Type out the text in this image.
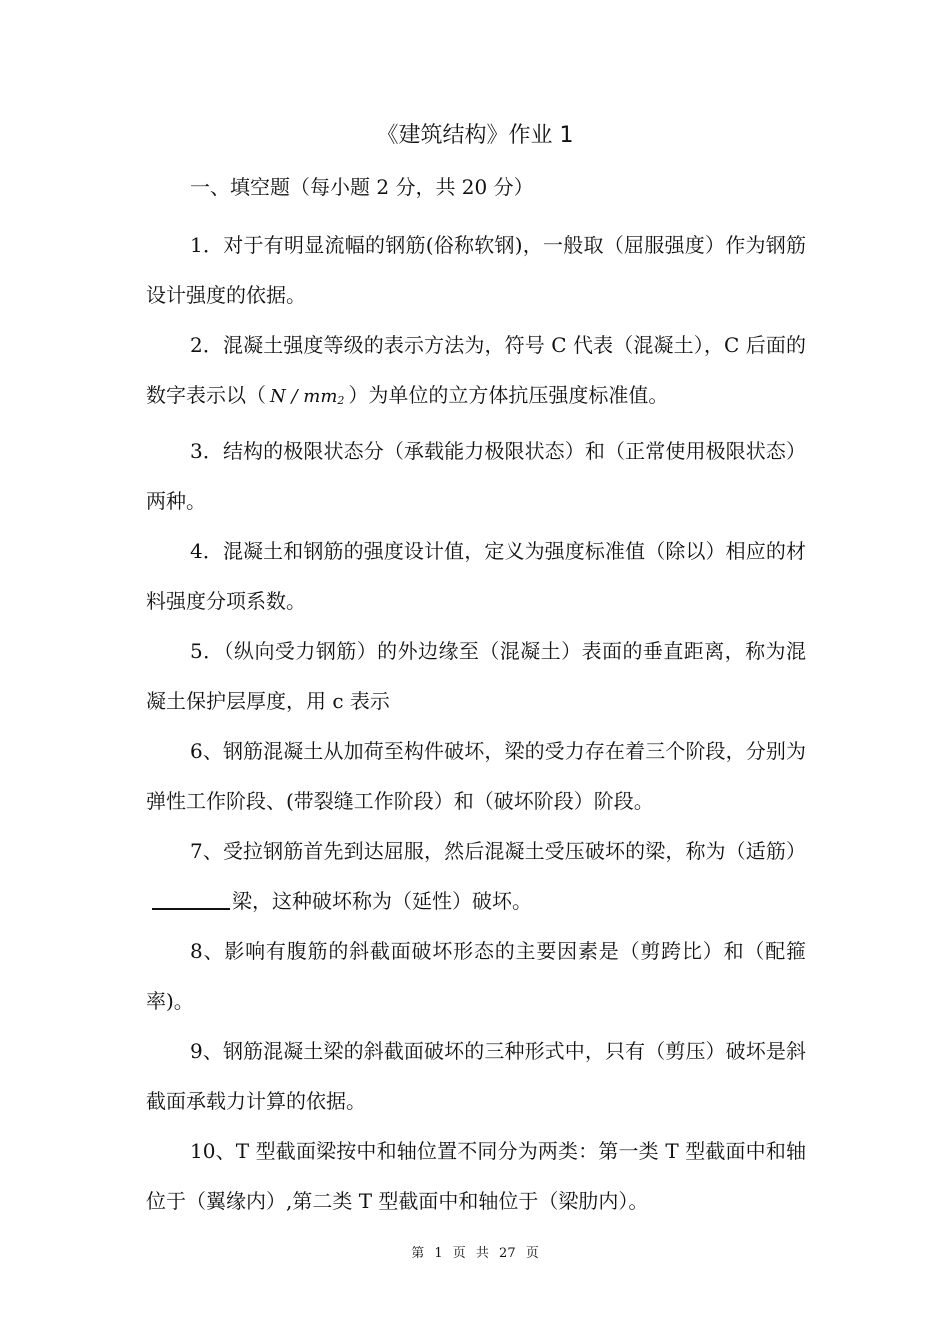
《建筑结构》作业 1
一、填空题（每小题 2 分，共 20 分）

1．对于有明显流幅的钢筋(俗称软钢)，一般取（屈服强度）作为钢筋设计强度的依据。

2．混凝土强度等级的表示方法为，符号 C 代表（混凝土），C 后面的数字表示以（ N / $mm^2$ ）为单位的立方体抗压强度标准值。

3．结构的极限状态分（承载能力极限状态）和（正常使用极限状态）两种。

4．混凝土和钢筋的强度设计值，定义为强度标准值（除以）相应的材料强度分项系数。

5．（纵向受力钢筋）的外边缘至（混凝土）表面的垂直距离，称为混凝土保护层厚度，用 c 表示

6、钢筋混凝土从加荷至构件破坏，梁的受力存在着三个阶段，分别为弹性工作阶段、(带裂缝工作阶段）和（破坏阶段）阶段。

7、受拉钢筋首先到达屈服，然后混凝土受压破坏的梁，称为（适筋）梁，这种破坏称为（延性）破坏。

8、影响有腹筋的斜截面破坏形态的主要因素是（剪跨比）和（配箍率)。

9、钢筋混凝土梁的斜截面破坏的三种形式中，只有（剪压）破坏是斜截面承载力计算的依据。

10、T 型截面梁按中和轴位置不同分为两类：第一类 T 型截面中和轴位于（翼缘内）,第二类 T 型截面中和轴位于（梁肋内）。

第 1 页 共 27 页
